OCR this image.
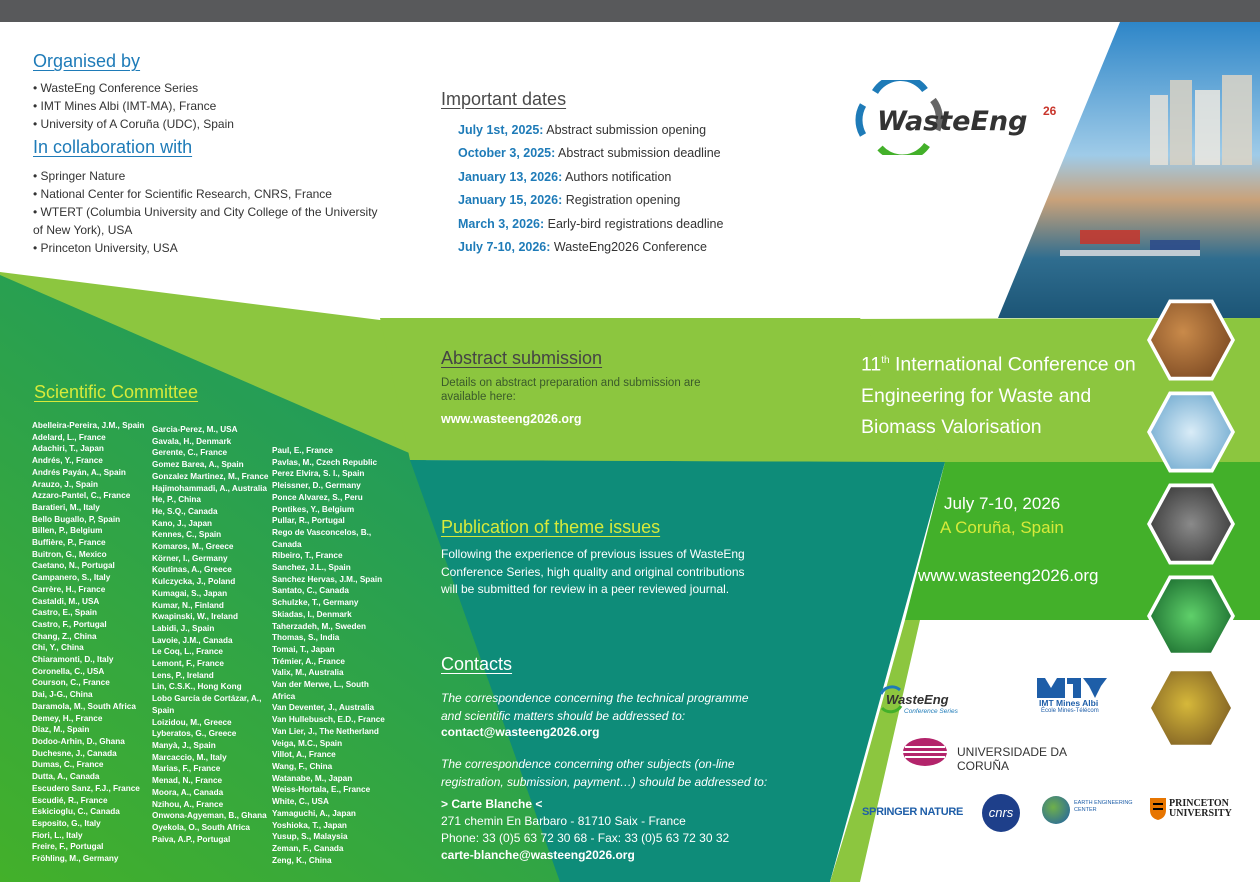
Organised by
• WasteEng Conference Series
• IMT Mines Albi (IMT-MA), France
• University of A Coruña (UDC), Spain
In collaboration with
• Springer Nature
• National Center for Scientific Research, CNRS, France
• WTERT (Columbia University and City College of the University of New York), USA
• Princeton University, USA
Important dates
July 1st, 2025: Abstract submission opening
October 3, 2025: Abstract submission deadline
January 13, 2026: Authors notification
January 15, 2026: Registration opening
March 3, 2026: Early-bird registrations deadline
July 7-10, 2026: WasteEng2026 Conference
WasteEng 26
Abstract submission
Details on abstract preparation and submission are available here:
www.wasteeng2026.org
11th International Conference on Engineering for Waste and Biomass Valorisation
July 7-10, 2026
A Coruña, Spain
www.wasteeng2026.org
Publication of theme issues
Following the experience of previous issues of WasteEng Conference Series, high quality and original contributions will be submitted for review in a peer reviewed journal.
Contacts
The correspondence concerning the technical programme and scientific matters should be addressed to:
contact@wasteeng2026.org
The correspondence concerning other subjects (on-line registration, submission, payment…) should be addressed to:
> Carte Blanche <
271 chemin En Barbaro - 81710 Saix - France
Phone: 33 (0)5 63 72 30 68 - Fax: 33 (0)5 63 72 30 32
carte-blanche@wasteeng2026.org
Scientific Committee
Abelleira-Pereira, J.M., Spain
Adelard, L., France
Adachiri, T., Japan
Andrés, Y., France
Andrés Payán, A., Spain
Arauzo, J., Spain
Azzaro-Pantel, C., France
Baratieri, M., Italy
Bello Bugallo, P, Spain
Billen, P., Belgium
Buffière, P., France
Buitron, G., Mexico
Caetano, N., Portugal
Campanero, S., Italy
Carrère, H., France
Castaldi, M., USA
Castro, E., Spain
Castro, F., Portugal
Chang, Z., China
Chi, Y., China
Chiaramonti, D., Italy
Coronella, C., USA
Courson, C., France
Dai, J-G., China
Daramola, M., South Africa
Demey, H., France
Diaz, M., Spain
Dodoo-Arhin, D., Ghana
Duchesne, J., Canada
Dumas, C., France
Dutta, A., Canada
Escudero Sanz, F.J., France
Escudié, R., France
Eskicioglu, C., Canada
Esposito, G., Italy
Fiori, L., Italy
Freire, F., Portugal
Fröhling, M., Germany
Garcia-Perez, M., USA
Gavala, H., Denmark
Gerente, C., France
Gomez Barea, A., Spain
Gonzalez Martinez, M., France
Hajimohammadi, A., Australia
He, P., China
He, S.Q., Canada
Kano, J., Japan
Kennes, C., Spain
Komaros, M., Greece
Körner, I., Germany
Koutinas, A., Greece
Kulczycka, J., Poland
Kumagai, S., Japan
Kumar, N., Finland
Kwapinski, W., Ireland
Labidi, J., Spain
Lavoie, J.M., Canada
Le Coq, L., France
Lemont, F., France
Lens, P., Ireland
Lin, C.S.K., Hong Kong
Lobo García de Cortázar, A., Spain
Loizidou, M., Greece
Lyberatos, G., Greece
Manyà, J., Spain
Marcaccio, M., Italy
Marias, F., France
Menad, N., France
Moora, A., Canada
Nzihou, A., France
Onwona-Agyeman, B., Ghana
Oyekola, O., South Africa
Paiva, A.P., Portugal
Paul, E., France
Pavlas, M., Czech Republic
Perez Elvira, S. I., Spain
Pleissner, D., Germany
Ponce Alvarez, S., Peru
Pontikes, Y., Belgium
Pullar, R., Portugal
Rego de Vasconcelos, B., Canada
Ribeiro, T., France
Sanchez, J.L., Spain
Sanchez Hervas, J.M., Spain
Santato, C., Canada
Schulzke, T., Germany
Skiadas, I., Denmark
Taherzadeh, M., Sweden
Thomas, S., India
Tomai, T., Japan
Trémier, A., France
Valix, M., Australia
Van der Merwe, L., South Africa
Van Deventer, J., Australia
Van Hullebusch, E.D., France
Van Lier, J., The Netherland
Veiga, M.C., Spain
Villot, A., France
Wang, F., China
Watanabe, M., Japan
Weiss-Hortala, E., France
White, C., USA
Yamaguchi, A., Japan
Yoshioka, T., Japan
Yusup, S., Malaysia
Zeman, F., Canada
Zeng, K., China
WasteEng
Conference Series
IMT Mines Albi
École Mines-Télécom
UNIVERSIDADE DA CORUÑA
SPRINGER NATURE	cnrs
EARTH ENGINEERING CENTER
PRINCETON UNIVERSITY
